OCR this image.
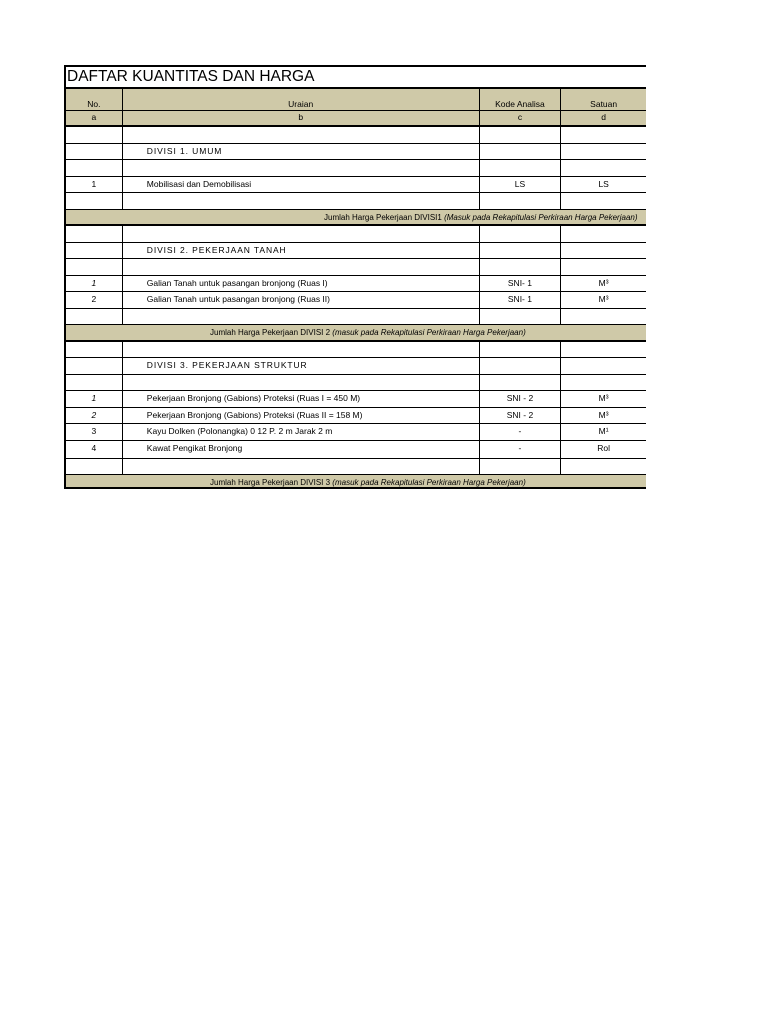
DAFTAR KUANTITAS DAN HARGA
No.	Uraian	Kode Analisa	Satuan
a	b	c	d
DIVISI 1. UMUM
1	Mobilisasi dan Demobilisasi	LS	LS
Jumlah Harga Pekerjaan DIVISI1 (Masuk pada Rekapitulasi Perkiraan Harga Pekerjaan)
DIVISI 2. PEKERJAAN TANAH
1	Galian Tanah untuk pasangan bronjong (Ruas I)	SNI- 1	M³
2	Galian Tanah untuk pasangan bronjong (Ruas II)	SNI- 1	M³
Jumlah Harga Pekerjaan DIVISI 2 (masuk pada Rekapitulasi Perkiraan Harga Pekerjaan)
DIVISI 3. PEKERJAAN STRUKTUR
1	Pekerjaan Bronjong (Gabions) Proteksi (Ruas I = 450 M)	SNI - 2	M³
2	Pekerjaan Bronjong (Gabions) Proteksi (Ruas II = 158 M)	SNI - 2	M³
3	Kayu Dolken (Polonangka) 0 12 P. 2 m Jarak 2 m	-	M¹
4	Kawat Pengikat Bronjong	-	Rol
Jumlah Harga Pekerjaan DIVISI 3 (masuk pada Rekapitulasi Perkiraan Harga Pekerjaan)
